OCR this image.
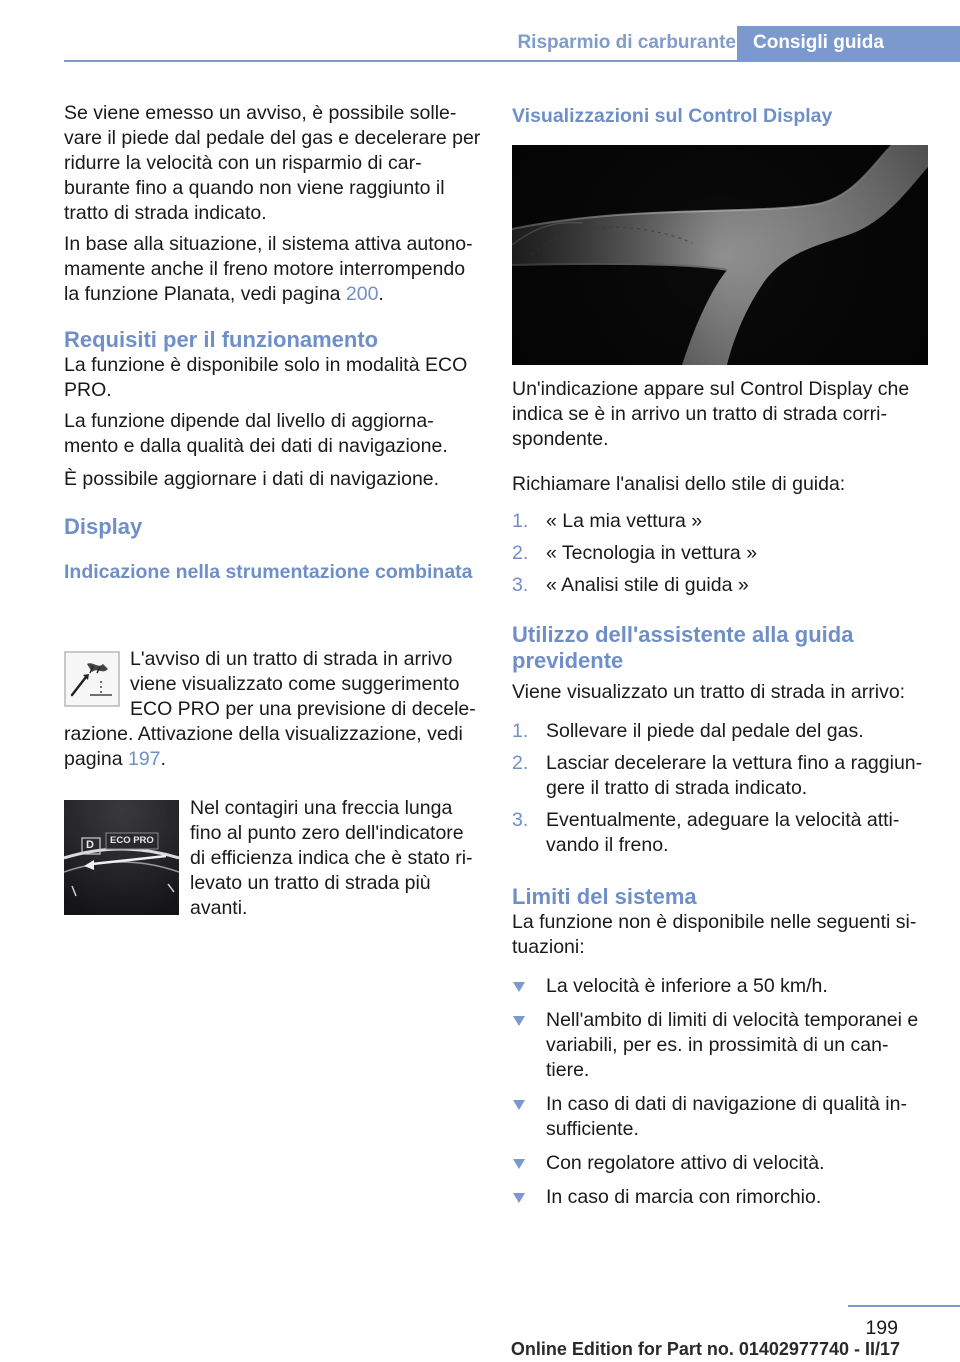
Risparmio di carburante Consigli guida

Se viene emesso un avviso, è possibile solle‐vare il piede dal pedale del gas e decelerare per ridurre la velocità con un risparmio di car‐burante fino a quando non viene raggiunto il tratto di strada indicato.

In base alla situazione, il sistema attiva autono‐mamente anche il freno motore interrompendo la funzione Planata, vedi pagina 200.

Requisiti per il funzionamento

La funzione è disponibile solo in modalità ECO PRO.

La funzione dipende dal livello di aggiorna‐mento e dalla qualità dei dati di navigazione.

È possibile aggiornare i dati di navigazione.

Display

Indicazione nella strumentazione combinata

L'avviso di un tratto di strada in arrivo viene visualizzato come suggerimento ECO PRO per una previsione di decele‐razione. Attivazione della visualizzazione, vedi pagina 197.

D ECO PRO

Nel contagiri una freccia lunga fino al punto zero dell'indicatore di efficienza indica che è stato ri‐levato un tratto di strada più avanti.

Visualizzazioni sul Control Display

Un'indicazione appare sul Control Display che indica se è in arrivo un tratto di strada corri‐spondente.

Richiamare l'analisi dello stile di guida:

1. « La mia vettura »
2. « Tecnologia in vettura »
3. « Analisi stile di guida »

Utilizzo dell'assistente alla guida previdente

Viene visualizzato un tratto di strada in arrivo:

1. Sollevare il piede dal pedale del gas.
2. Lasciar decelerare la vettura fino a raggiun‐gere il tratto di strada indicato.
3. Eventualmente, adeguare la velocità atti‐vando il freno.

Limiti del sistema

La funzione non è disponibile nelle seguenti si‐tuazioni:

La velocità è inferiore a 50 km/h.
Nell'ambito di limiti di velocità temporanei e variabili, per es. in prossimità di un can‐tiere.
In caso di dati di navigazione di qualità in‐sufficiente.
Con regolatore attivo di velocità.
In caso di marcia con rimorchio.
199
Online Edition for Part no. 01402977740 - II/17
